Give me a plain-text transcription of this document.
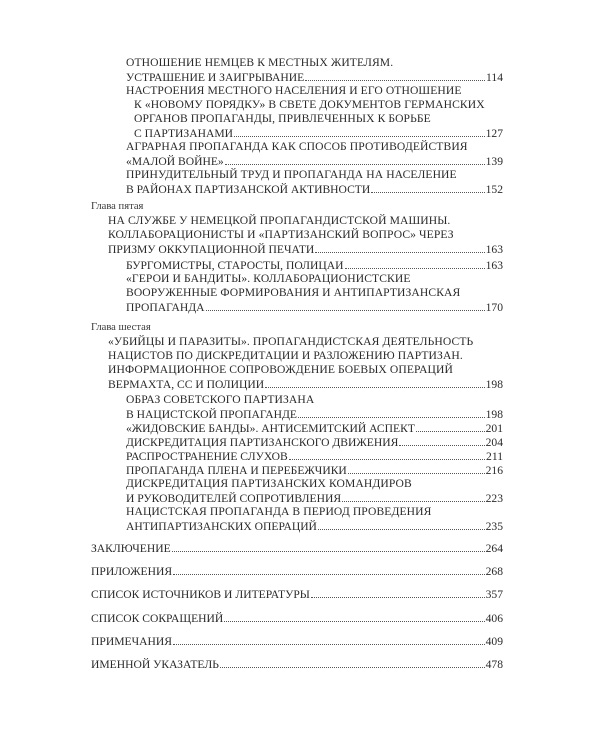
ОТНОШЕНИЕ НЕМЦЕВ К МЕСТНЫХ ЖИТЕЛЯМ.
УСТРАШЕНИЕ И ЗАИГРЫВАНИЕ	114
НАСТРОЕНИЯ МЕСТНОГО НАСЕЛЕНИЯ И ЕГО ОТНОШЕНИЕ
К «НОВОМУ ПОРЯДКУ» В СВЕТЕ ДОКУМЕНТОВ ГЕРМАНСКИХ
ОРГАНОВ ПРОПАГАНДЫ, ПРИВЛЕЧЕННЫХ К БОРЬБЕ
С ПАРТИЗАНАМИ	127
АГРАРНАЯ ПРОПАГАНДА КАК СПОСОБ ПРОТИВОДЕЙСТВИЯ
«МАЛОЙ ВОЙНЕ»	139
ПРИНУДИТЕЛЬНЫЙ ТРУД И ПРОПАГАНДА НА НАСЕЛЕНИЕ
В РАЙОНАХ ПАРТИЗАНСКОЙ АКТИВНОСТИ	152
Глава пятая
НА СЛУЖБЕ У НЕМЕЦКОЙ ПРОПАГАНДИСТСКОЙ МАШИНЫ.
КОЛЛАБОРАЦИОНИСТЫ И «ПАРТИЗАНСКИЙ ВОПРОС» ЧЕРЕЗ
ПРИЗМУ ОККУПАЦИОННОЙ ПЕЧАТИ	163
БУРГОМИСТРЫ, СТАРОСТЫ, ПОЛИЦАИ	163
«ГЕРОИ И БАНДИТЫ». КОЛЛАБОРАЦИОНИСТСКИЕ
ВООРУЖЕННЫЕ ФОРМИРОВАНИЯ И АНТИПАРТИЗАНСКАЯ
ПРОПАГАНДА	170
Глава шестая
«УБИЙЦЫ И ПАРАЗИТЫ». ПРОПАГАНДИСТСКАЯ ДЕЯТЕЛЬНОСТЬ
НАЦИСТОВ ПО ДИСКРЕДИТАЦИИ И РАЗЛОЖЕНИЮ ПАРТИЗАН.
ИНФОРМАЦИОННОЕ СОПРОВОЖДЕНИЕ БОЕВЫХ ОПЕРАЦИЙ
ВЕРМАХТА, СС И ПОЛИЦИИ	198
ОБРАЗ СОВЕТСКОГО ПАРТИЗАНА
В НАЦИСТСКОЙ ПРОПАГАНДЕ	198
«ЖИДОВСКИЕ БАНДЫ». АНТИСЕМИТСКИЙ АСПЕКТ	201
ДИСКРЕДИТАЦИЯ ПАРТИЗАНСКОГО ДВИЖЕНИЯ	204
РАСПРОСТРАНЕНИЕ СЛУХОВ	211
ПРОПАГАНДА ПЛЕНА И ПЕРЕБЕЖЧИКИ	216
ДИСКРЕДИТАЦИЯ ПАРТИЗАНСКИХ КОМАНДИРОВ
И РУКОВОДИТЕЛЕЙ СОПРОТИВЛЕНИЯ	223
НАЦИСТСКАЯ ПРОПАГАНДА В ПЕРИОД ПРОВЕДЕНИЯ
АНТИПАРТИЗАНСКИХ ОПЕРАЦИЙ	235
ЗАКЛЮЧЕНИЕ	264
ПРИЛОЖЕНИЯ	268
СПИСОК ИСТОЧНИКОВ И ЛИТЕРАТУРЫ	357
СПИСОК СОКРАЩЕНИЙ	406
ПРИМЕЧАНИЯ	409
ИМЕННОЙ УКАЗАТЕЛЬ	478
